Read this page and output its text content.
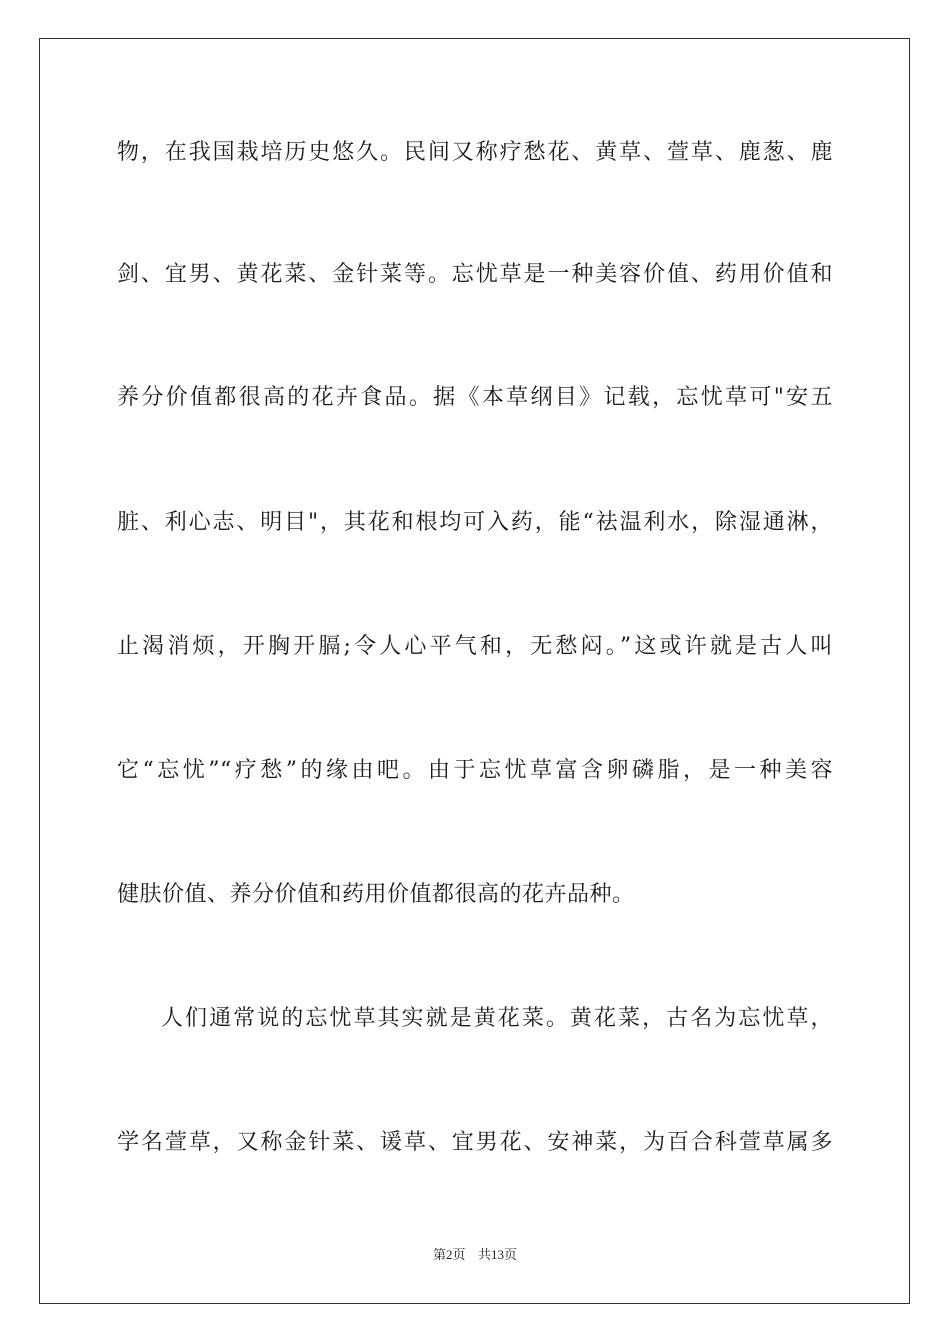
物，在我国栽培历史悠久。民间又称疗愁花、黄草、萱草、鹿葱、鹿
剑、宜男、黄花菜、金针菜等。忘忧草是一种美容价值、药用价值和
养分价值都很高的花卉食品。据《本草纲目》记载，忘忧草可"安五
脏、利心志、明目"，其花和根均可入药，能“祛温利水，除湿通淋，
止渴消烦，开胸开膈;令人心平气和，无愁闷。”这或许就是古人叫
它“忘忧”“疗愁”的缘由吧。由于忘忧草富含卵磷脂，是一种美容
健肤价值、养分价值和药用价值都很高的花卉品种。
人们通常说的忘忧草其实就是黄花菜。黄花菜，古名为忘忧草，
学名萱草，又称金针菜、谖草、宜男花、安神菜，为百合科萱草属多
第2页 共13页
